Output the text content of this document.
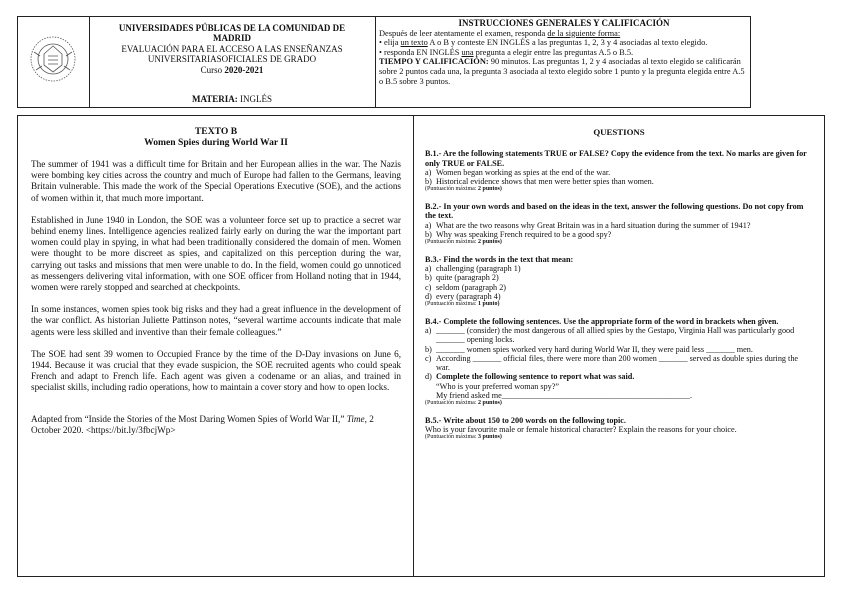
UNIVERSIDADES PÚBLICAS DE LA COMUNIDAD DE
MADRID
EVALUACIÓN PARA EL ACCESO A LAS ENSEÑANZAS
UNIVERSITARIASOFICIALES DE GRADO
Curso 2020-2021
MATERIA: INGLÉS
INSTRUCCIONES GENERALES Y CALIFICACIÓN
Después de leer atentamente el examen, responda de la siguiente forma:
• elija un texto A o B y conteste EN INGLÉS a las preguntas 1, 2, 3 y 4 asociadas al texto elegido.
• responda EN INGLÉS una pregunta a elegir entre las preguntas A.5 o B.5.
TIEMPO Y CALIFICACIÓN: 90 minutos. Las preguntas 1, 2 y 4 asociadas al texto elegido se calificarán sobre 2 puntos cada una, la pregunta 3 asociada al texto elegido sobre 1 punto y la pregunta elegida entre A.5 o B.5 sobre 3 puntos.
TEXTO B
Women Spies during World War II

The summer of 1941 was a difficult time for Britain and her European allies in the war. The Nazis were bombing key cities across the country and much of Europe had fallen to the Germans, leaving Britain vulnerable. This made the work of the Special Operations Executive (SOE), and the actions of women within it, that much more important.

Established in June 1940 in London, the SOE was a volunteer force set up to practice a secret war behind enemy lines. Intelligence agencies realized fairly early on during the war the important part women could play in spying, in what had been traditionally considered the domain of men. Women were thought to be more discreet as spies, and capitalized on this perception during the war, carrying out tasks and missions that men were unable to do. In the field, women could go unnoticed as messengers delivering vital information, with one SOE officer from Holland noting that in 1944, women were rarely stopped and searched at checkpoints.

In some instances, women spies took big risks and they had a great influence in the development of the war conflict. As historian Juliette Pattinson notes, “several wartime accounts indicate that male agents were less skilled and inventive than their female colleagues.”

The SOE had sent 39 women to Occupied France by the time of the D-Day invasions on June 6, 1944. Because it was crucial that they evade suspicion, the SOE recruited agents who could speak French and adapt to French life. Each agent was given a codename or an alias, and trained in specialist skills, including radio operations, how to maintain a cover story and how to open locks.

Adapted from “Inside the Stories of the Most Daring Women Spies of World War II,” Time, 2 October 2020. <https://bit.ly/3fbcjWp>

QUESTIONS
B.1.- Are the following statements TRUE or FALSE? Copy the evidence from the text. No marks are given for only TRUE or FALSE.
a) Women began working as spies at the end of the war.
b) Historical evidence shows that men were better spies than women.
(Puntuación máxima: 2 puntos)
B.2.- In your own words and based on the ideas in the text, answer the following questions. Do not copy from the text.
a) What are the two reasons why Great Britain was in a hard situation during the summer of 1941?
b) Why was speaking French required to be a good spy?
(Puntuación máxima: 2 puntos)
B.3.- Find the words in the text that mean:
a) challenging (paragraph 1)
b) quite (paragraph 2)
c) seldom (paragraph 2)
d) every (paragraph 4)
(Puntuación máxima: 1 punto)
B.4.- Complete the following sentences. Use the appropriate form of the word in brackets when given.
a) _______ (consider) the most dangerous of all allied spies by the Gestapo, Virginia Hall was particularly good _______ opening locks.
b) _______ women spies worked very hard during World War II, they were paid less _______ men.
c) According _______ official files, there were more than 200 women _______ served as double spies during the war.
d) Complete the following sentence to report what was said.
“Who is your preferred woman spy?”
My friend asked me______________________________________________.
(Puntuación máxima: 2 puntos)
B.5.- Write about 150 to 200 words on the following topic.
Who is your favourite male or female historical character? Explain the reasons for your choice.
(Puntuación máxima: 3 puntos)
